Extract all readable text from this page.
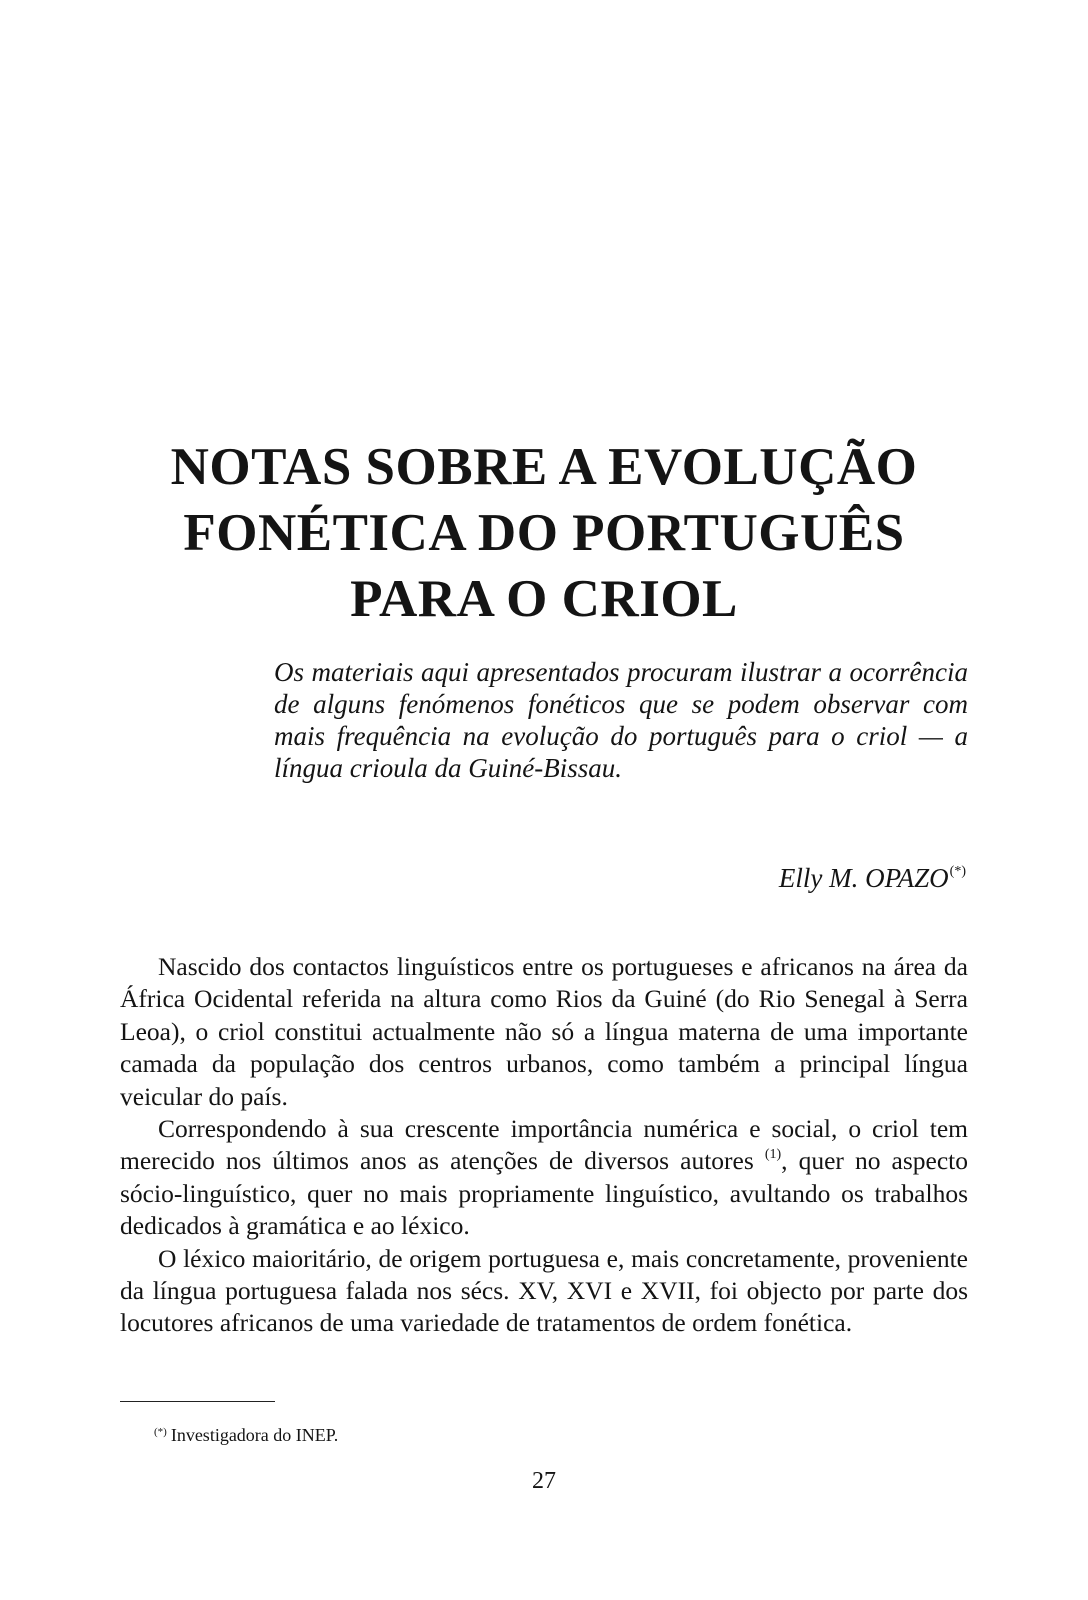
NOTAS SOBRE A EVOLUÇÃO
FONÉTICA DO PORTUGUÊS
PARA O CRIOL
Os materiais aqui apresentados procuram ilustrar a ocorrência de alguns fenómenos fonéticos que se podem observar com mais frequência na evolução do português para o criol — a língua crioula da Guiné-Bissau.
Elly M. OPAZO(*)

Nascido dos contactos linguísticos entre os portugueses e africanos na área da África Ocidental referida na altura como Rios da Guiné (do Rio Senegal à Serra Leoa), o criol constitui actualmente não só a língua materna de uma importante camada da população dos centros urbanos, como também a principal língua veicular do país.

Correspondendo à sua crescente importância numérica e social, o criol tem merecido nos últimos anos as atenções de diversos autores $^{(1)}$, quer no aspecto sócio-linguístico, quer no mais propriamente linguístico, avultando os trabalhos dedicados à gramática e ao léxico.

O léxico maioritário, de origem portuguesa e, mais concretamente, proveniente da língua portuguesa falada nos sécs. XV, XVI e XVII, foi objecto por parte dos locutores africanos de uma variedade de tratamentos de ordem fonética.

(*) Investigadora do INEP.
27
